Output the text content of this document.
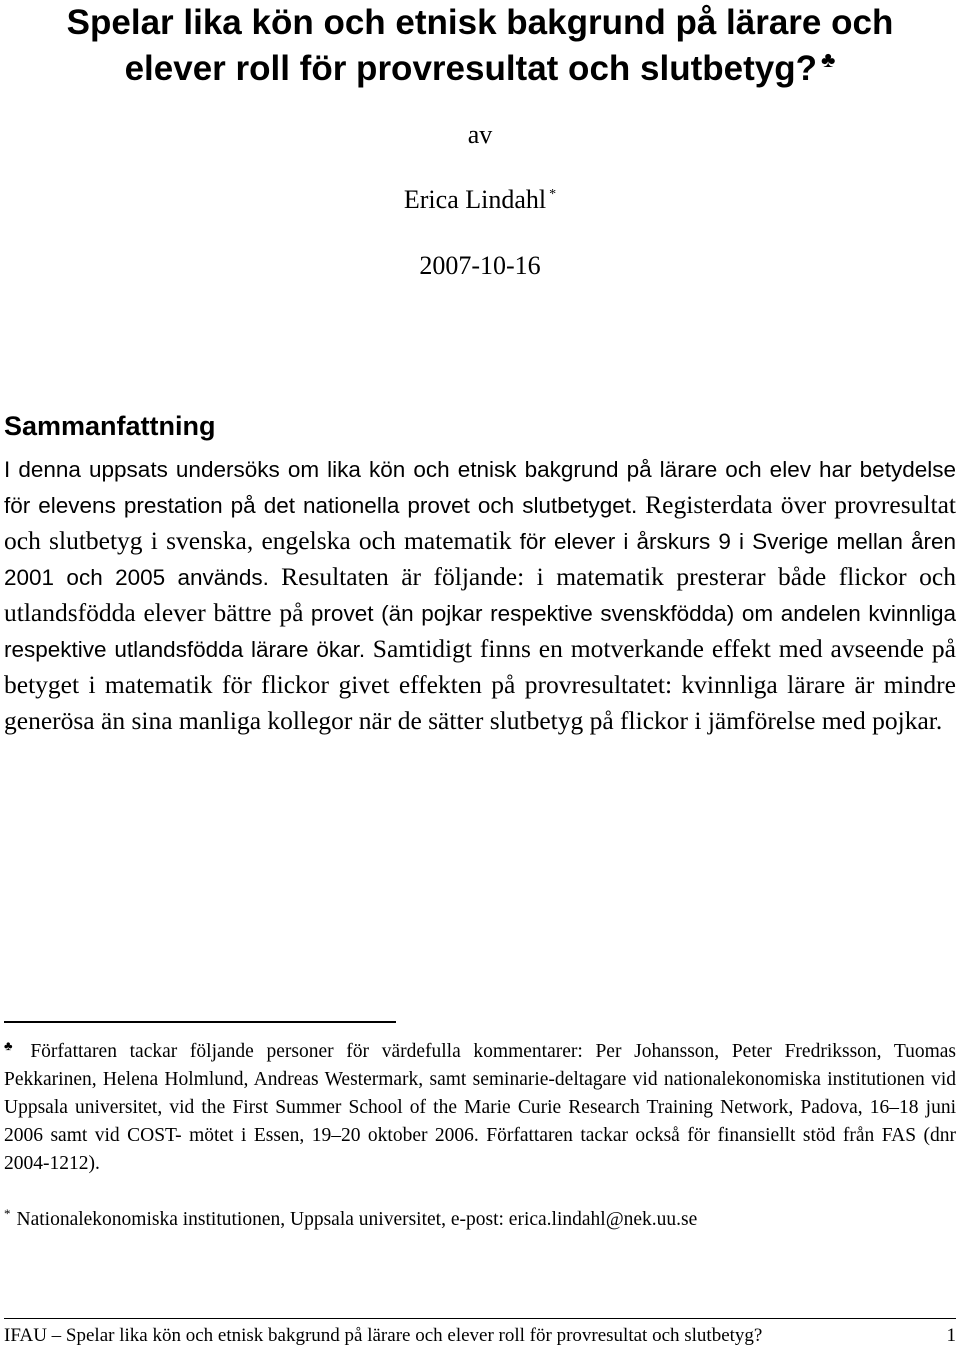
Spelar lika kön och etnisk bakgrund på lärare och
elever roll för provresultat och slutbetyg? ♣
av
Erica Lindahl *
2007-10-16
Sammanfattning

I denna uppsats undersöks om lika kön och etnisk bakgrund på lärare och elev har betydelse för elevens prestation på det nationella provet och slutbetyget. Registerdata över provresultat och slutbetyg i svenska, engelska och matematik för elever i årskurs 9 i Sverige mellan åren 2001 och 2005 används. Resultaten är följande: i matematik presterar både flickor och utlandsfödda elever bättre på provet (än pojkar respektive svenskfödda) om andelen kvinnliga respektive utlandsfödda lärare ökar. Samtidigt finns en motverkande effekt med avseende på betyget i matematik för flickor givet effekten på provresultatet: kvinnliga lärare är mindre generösa än sina manliga kollegor när de sätter slutbetyg på flickor i jämförelse med pojkar.

♣ Författaren tackar följande personer för värdefulla kommentarer: Per Johansson, Peter Fredriksson, Tuomas Pekkarinen, Helena Holmlund, Andreas Westermark, samt seminarie-deltagare vid nationalekonomiska institutionen vid Uppsala universitet, vid the First Summer School of the Marie Curie Research Training Network, Padova, 16–18 juni 2006 samt vid COST- mötet i Essen, 19–20 oktober 2006. Författaren tackar också för finansiellt stöd från FAS (dnr 2004-1212).

* Nationalekonomiska institutionen, Uppsala universitet, e-post: erica.lindahl@nek.uu.se

IFAU – Spelar lika kön och etnisk bakgrund på lärare och elever roll för provresultat och slutbetyg?	1
